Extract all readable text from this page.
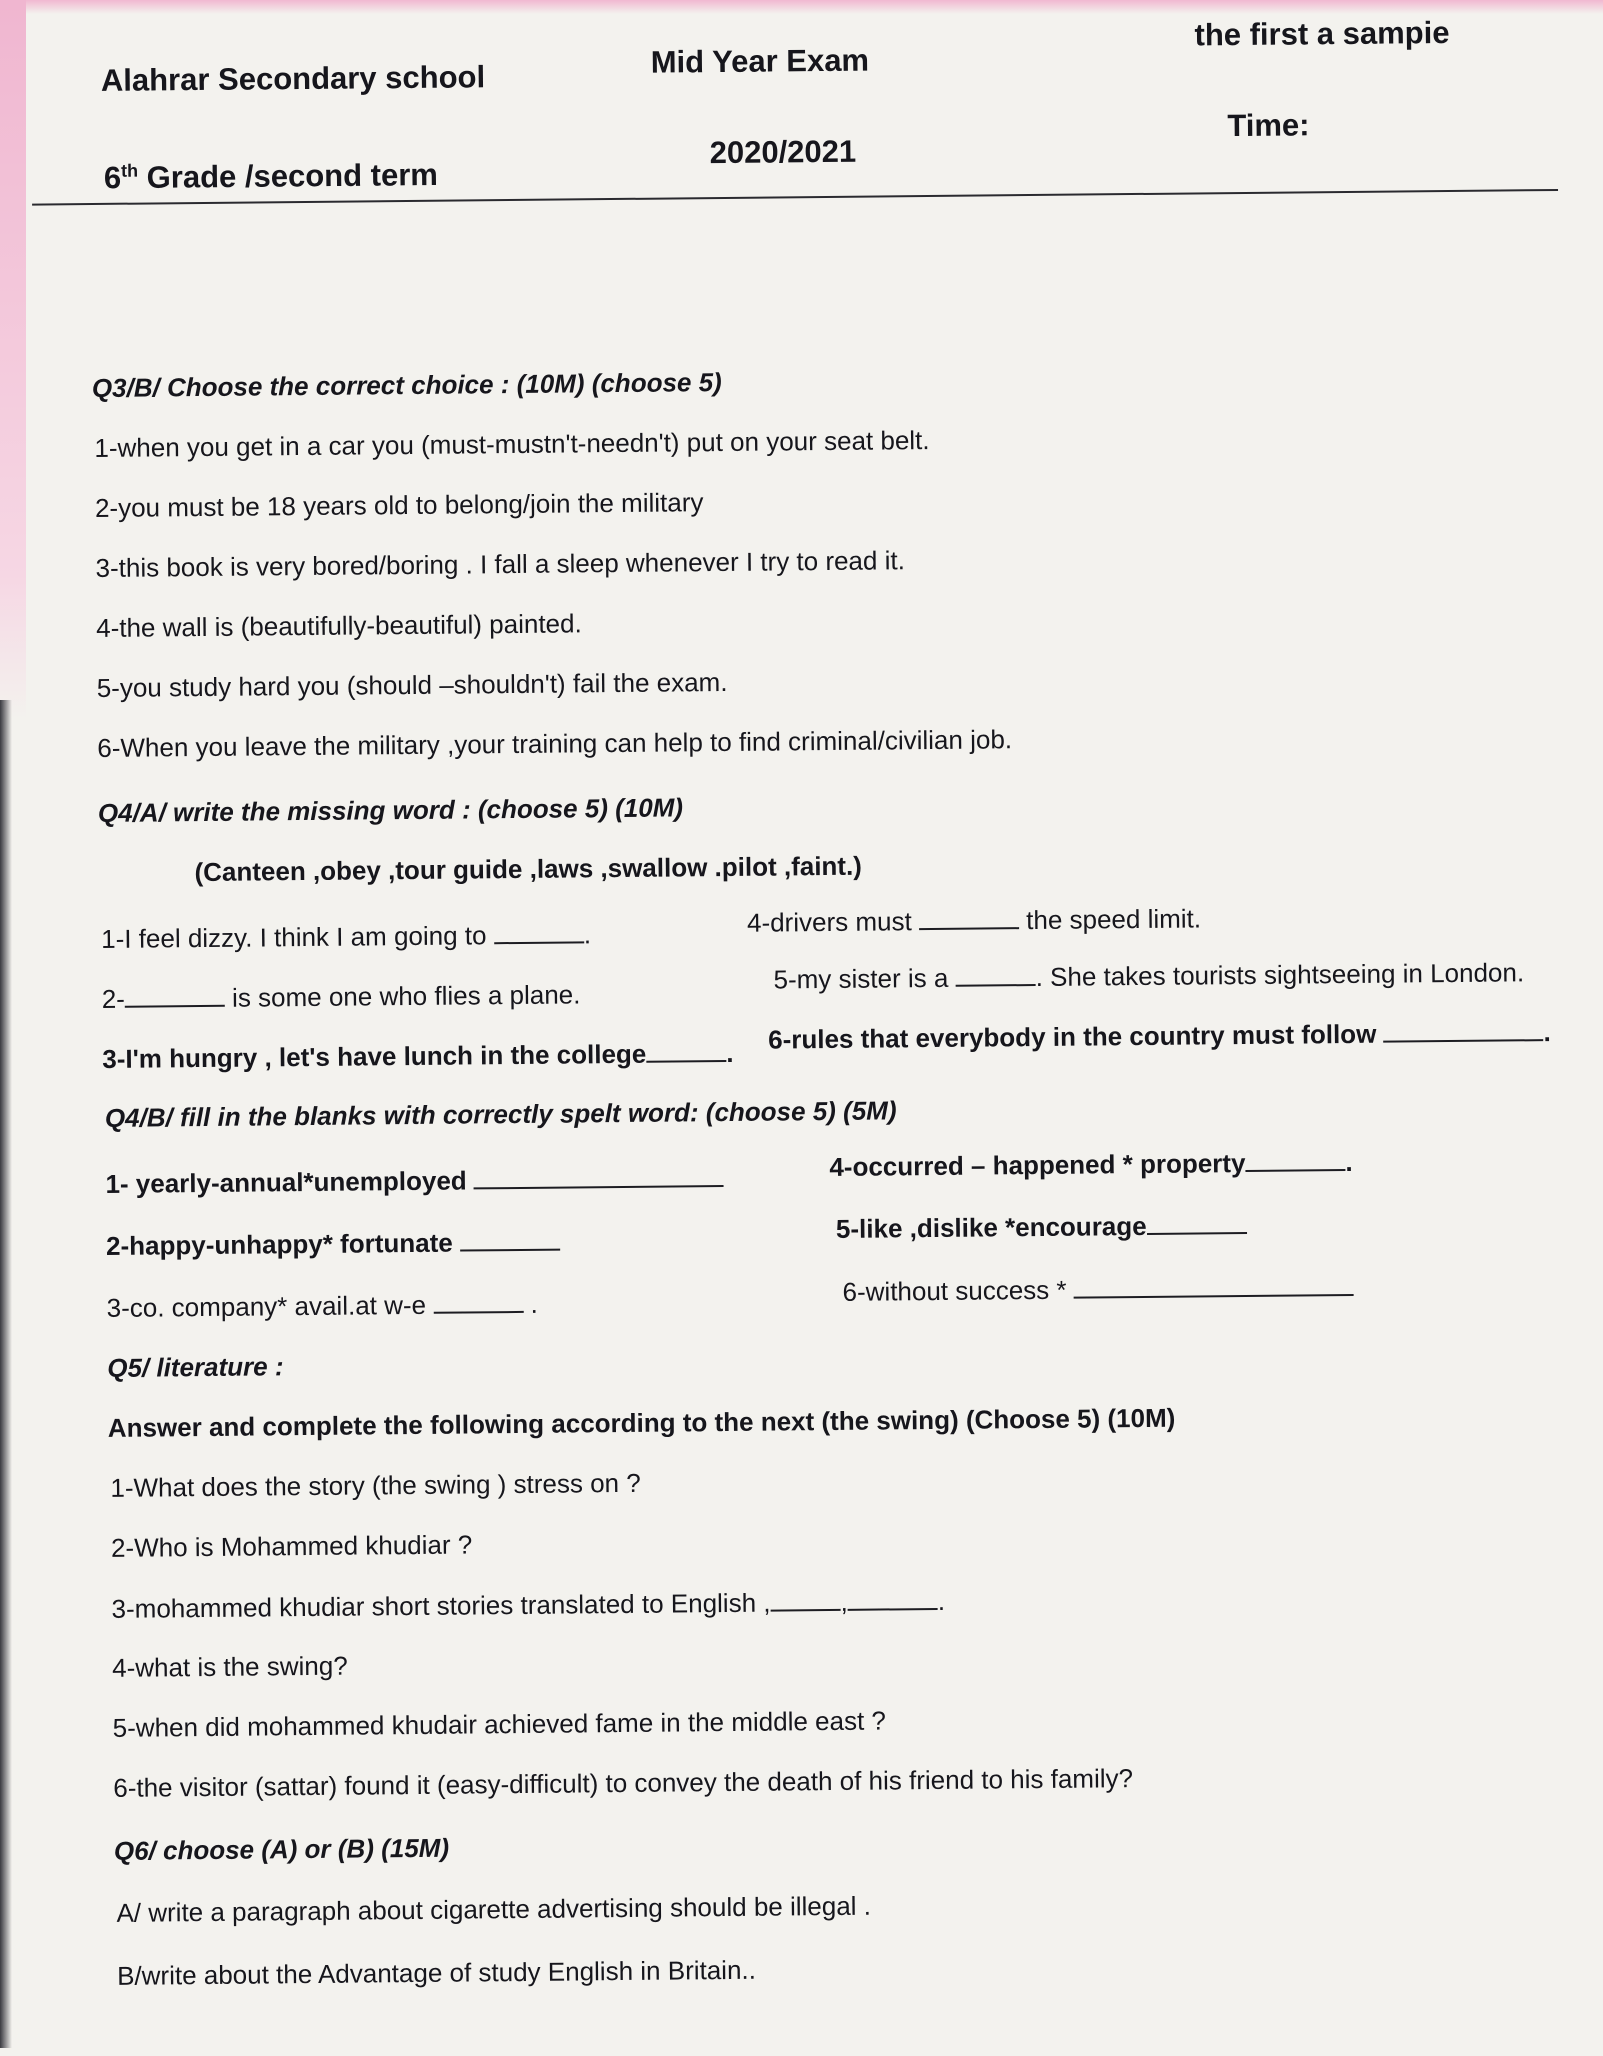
Alahrar Secondary school	Mid Year Exam
the first a sampie
6th Grade /second term
2020/2021
Time:
Q3/B/ Choose the correct choice : (10M) (choose 5)
1-when you get in a car you (must-mustn't-needn't) put on your seat belt.
2-you must be 18 years old to belong/join the military
3-this book is very bored/boring . I fall a sleep whenever I try to read it.
4-the wall is (beautifully-beautiful) painted.
5-you study hard you (should –shouldn't) fail the exam.
6-When you leave the military ,your training can help to find criminal/civilian job.
Q4/A/ write the missing word : (choose 5) (10M)
(Canteen ,obey ,tour guide ,laws ,swallow .pilot ,faint.)
1-I feel dizzy. I think I am going to	.	4-drivers must	the speed limit.
2-	is some one who flies a plane.
5-my sister is a	. She takes tourists sightseeing in London.
3-I'm hungry , let's have lunch in the college	. 6-rules that everybody in the country must follow	.
Q4/B/ fill in the blanks with correctly spelt word: (choose 5) (5M)
1- yearly-annual*unemployed
4-occurred – happened * property	.
2-happy-unhappy* fortunate
5-like ,dislike *encourage
3-co. company* avail.at w-e	.	6-without success *
Q5/ literature :
Answer and complete the following according to the next (the swing) (Choose 5) (10M)
1-What does the story (the swing ) stress on ?
2-Who is Mohammed khudiar ?
3-mohammed khudiar short stories translated to English ,	,	.
4-what is the swing?
5-when did mohammed khudair achieved fame in the middle east ?
6-the visitor (sattar) found it (easy-difficult) to convey the death of his friend to his family?
Q6/ choose (A) or (B) (15M)
A/ write a paragraph about cigarette advertising should be illegal .
B/write about the Advantage of study English in Britain..
